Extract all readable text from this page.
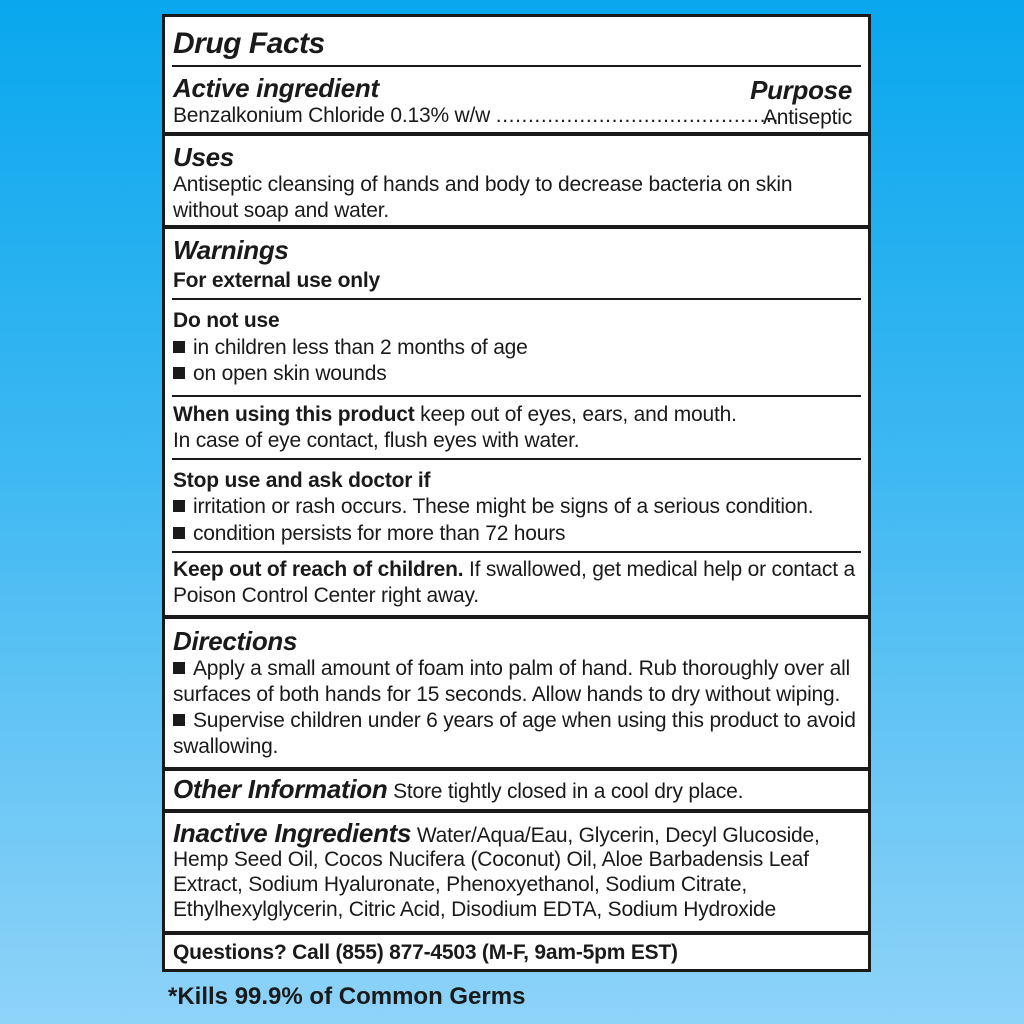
Drug Facts
Active ingredient	Purpose
Benzalkonium Chloride 0.13% w/w ............................................
Antiseptic
Uses
Antiseptic cleansing of hands and body to decrease bacteria on skin
without soap and water.
Warnings
For external use only
Do not use
in children less than 2 months of age
on open skin wounds
When using this product keep out of eyes, ears, and mouth.
In case of eye contact, flush eyes with water.
Stop use and ask doctor if
irritation or rash occurs. These might be signs of a serious condition.
condition persists for more than 72 hours
Keep out of reach of children. If swallowed, get medical help or contact a
Poison Control Center right away.
Directions
Apply a small amount of foam into palm of hand. Rub thoroughly over all
surfaces of both hands for 15 seconds. Allow hands to dry without wiping.
Supervise children under 6 years of age when using this product to avoid
swallowing.
Other Information Store tightly closed in a cool dry place.
Inactive Ingredients Water/Aqua/Eau, Glycerin, Decyl Glucoside,
Hemp Seed Oil, Cocos Nucifera (Coconut) Oil, Aloe Barbadensis Leaf
Extract, Sodium Hyaluronate, Phenoxyethanol, Sodium Citrate,
Ethylhexylglycerin, Citric Acid, Disodium EDTA, Sodium Hydroxide
Questions? Call (855) 877-4503 (M-F, 9am-5pm EST)
*Kills 99.9% of Common Germs
